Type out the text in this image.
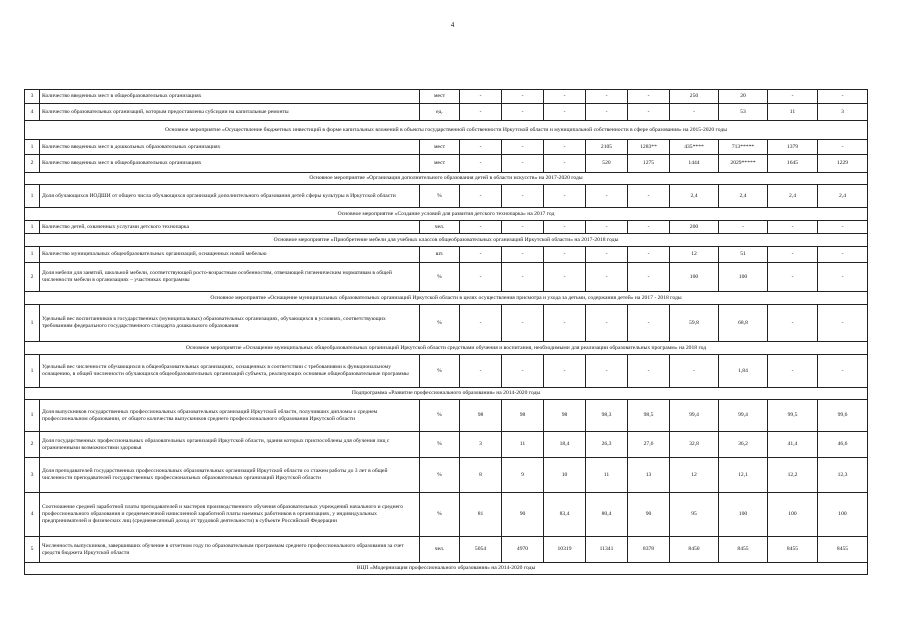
4
3	Количество введенных мест в общеобразовательных организациях	мест	-	-	-	-	-	250	20	-	-
4	Количество образовательных организаций, которым предоставлены субсидии на капитальные ремонты	ед.	-	-	-	-	-	-	53	11	3
Основное мероприятие «Осуществление бюджетных инвестиций в форме капитальных вложений в объекты государственной собственности Иркутской области и муниципальной собственности в сфере образования» на 2015-2020 годы											
1	Количество введенных мест в дошкольных образовательных организациях	мест	-	-	-	2105	1283**	435****	713*****	1379	-
2	Количество введенных мест в общеобразовательных организациях	мест	-	-	-	520	1275	1444	2029*****	1645	1229
Основное мероприятие «Организация дополнительного образования детей в области искусств» на 2017-2020 годы											
1	Доля обучающихся ИОДШИ от общего числа обучающихся организаций дополнительного образования детей сферы культуры в Иркутской области	%	-	-	-	-	-	2,4	2,4	2,4	2,4
Основное мероприятие «Создание условий для развития детского технопарка» на 2017 год											
1	Количество детей, охваченных услугами детского технопарка	чел.	-	-	-	-	-	200	-	-	-
Основное мероприятие «Приобретение мебели для учебных классов общеобразовательных организаций Иркутской области» на 2017-2018 годы											
1	Количество муниципальных общеобразовательных организаций, оснащенных новой мебелью	шт.	-	-	-	-	-	12	51	-	-
2	Доля мебели для занятий, школьной мебели, соответствующей росто-возрастным особенностям, отвечающей гигиеническим нормативам в общей численности мебели в организациях – участниках программы	%	-	-	-	-	-	100	100	-	-
Основное мероприятие «Оснащение муниципальных образовательных организаций Иркутской области в целях осуществления присмотра и ухода за детьми, содержания детей» на 2017 - 2018 годы											
1	Удельный вес воспитанников в государственных (муниципальных) образовательных организациях, обучающихся в условиях, соответствующих требованиям федерального государственного стандарта дошкольного образования	%	-	-	-	-	-	59,8	68,8	-	-
Основное мероприятие «Оснащение муниципальных общеобразовательных организаций Иркутской области средствами обучения и воспитания, необходимыми для реализации образовательных программ» на 2018 год											
1	Удельный вес численности обучающихся в общеобразовательных организациях, оснащенных в соответствии с требованиями к функциональному оснащению, в общей численности обучающихся общеобразовательных организаций субъекта, реализующих основные общеобразовательные программы	%	-	-	-	-	-	-	1,84	-	-
Подпрограмма «Развитие профессионального образования» на 2014-2020 годы											
1	Доля выпускников государственных профессиональных образовательных организаций Иркутской области, получивших дипломы о среднем профессиональном образовании, от общего количества выпускников среднего профессионального образования Иркутской области	%	98	98	98	98,3	98,5	99,4	99,4	99,5	99,6
2	Доля государственных профессиональных образовательных организаций Иркутской области, здания которых приспособлены для обучения лиц с ограниченными возможностями здоровья	%	3	11	18,4	26,3	27,6	32,8	36,2	41,4	46,6
3	Доля преподавателей государственных профессиональных образовательных организаций Иркутской области со стажем работы до 3 лет в общей численности преподавателей государственных профессиональных образовательных организаций Иркутской области	%	8	9	10	11	13	12	12,1	12,2	12,3
4	Соотношение средней заработной платы преподавателей и мастеров производственного обучения образовательных учреждений начального и среднего профессионального образования и среднемесячной начисленной заработной платы наемных работников в организациях, у индивидуальных предпринимателей и физических лиц (среднемесячный доход от трудовой деятельности) в субъекте Российской Федерации	%	81	90	83,4	80,4	90	95	100	100	100
5	Численность выпускников, завершивших обучение в отчетном году по образовательным программам среднего профессионального образования за счет средств бюджета Иркутской области	чел.	5054	4970	10319	11341	8378	8450	8455	8455	8455
ВЦП «Модернизация профессионального образования» на 2014-2020 годы											
